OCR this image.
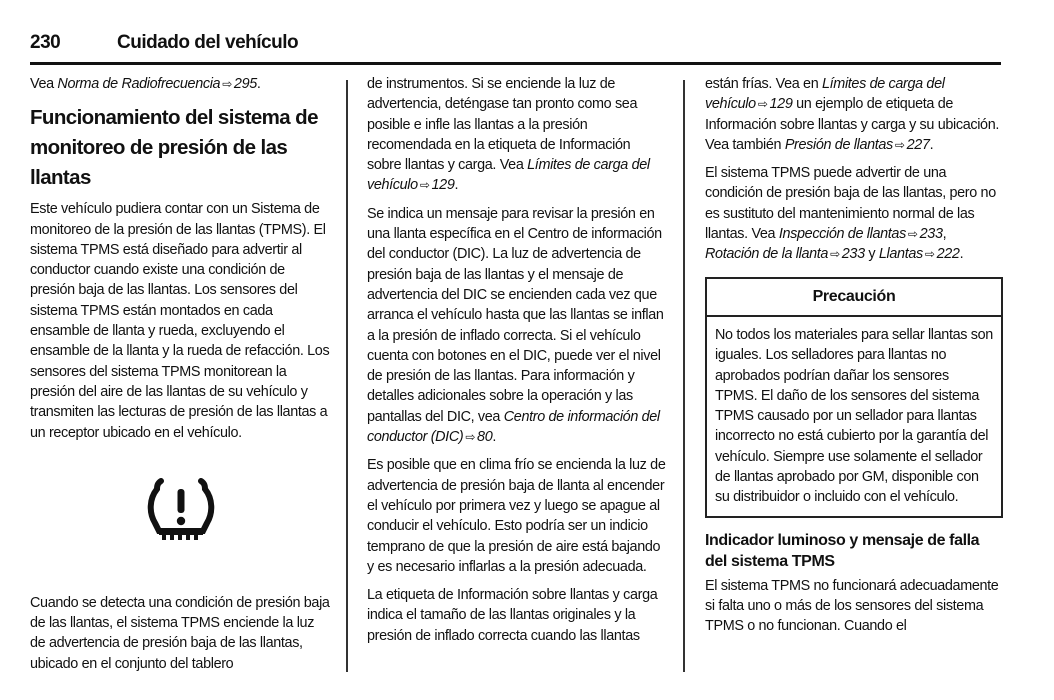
230	Cuidado del vehículo

Vea Norma de Radiofrecuencia ⇨ 295.

Funcionamiento del sistema de monitoreo de presión de las llantas

Este vehículo pudiera contar con un Sistema de monitoreo de la presión de las llantas (TPMS). El sistema TPMS está diseñado para advertir al conductor cuando existe una condición de presión baja de las llantas. Los sensores del sistema TPMS están montados en cada ensamble de llanta y rueda, excluyendo el ensamble de la llanta y la rueda de refacción. Los sensores del sistema TPMS monitorean la presión del aire de las llantas de su vehículo y transmiten las lecturas de presión de las llantas a un receptor ubicado en el vehículo.

Cuando se detecta una condición de presión baja de las llantas, el sistema TPMS enciende la luz de advertencia de presión baja de las llantas, ubicado en el conjunto del tablero

de instrumentos. Si se enciende la luz de advertencia, deténgase tan pronto como sea posible e infle las llantas a la presión recomendada en la etiqueta de Información sobre llantas y carga. Vea Límites de carga del vehículo ⇨ 129.

Se indica un mensaje para revisar la presión en una llanta específica en el Centro de información del conductor (DIC). La luz de advertencia de presión baja de las llantas y el mensaje de advertencia del DIC se encienden cada vez que arranca el vehículo hasta que las llantas se inflan a la presión de inflado correcta. Si el vehículo cuenta con botones en el DIC, puede ver el nivel de presión de las llantas. Para información y detalles adicionales sobre la operación y las pantallas del DIC, vea Centro de información del conductor (DIC) ⇨ 80.

Es posible que en clima frío se encienda la luz de advertencia de presión baja de llanta al encender el vehículo por primera vez y luego se apague al conducir el vehículo. Esto podría ser un indicio temprano de que la presión de aire está bajando y es necesario inflarlas a la presión adecuada.

La etiqueta de Información sobre llantas y carga indica el tamaño de las llantas originales y la presión de inflado correcta cuando las llantas

están frías. Vea en Límites de carga del vehículo ⇨ 129 un ejemplo de etiqueta de Información sobre llantas y carga y su ubicación. Vea también Presión de llantas ⇨ 227.

El sistema TPMS puede advertir de una condición de presión baja de las llantas, pero no es sustituto del mantenimiento normal de las llantas. Vea Inspección de llantas ⇨ 233, Rotación de la llanta ⇨ 233 y Llantas ⇨ 222.

Precaución
No todos los materiales para sellar llantas son iguales. Los selladores para llantas no aprobados podrían dañar los sensores TPMS. El daño de los sensores del sistema TPMS causado por un sellador para llantas incorrecto no está cubierto por la garantía del vehículo. Siempre use solamente el sellador de llantas aprobado por GM, disponible con su distribuidor o incluido con el vehículo.
Indicador luminoso y mensaje de falla del sistema TPMS

El sistema TPMS no funcionará adecuadamente si falta uno o más de los sensores del sistema TPMS o no funcionan. Cuando el
